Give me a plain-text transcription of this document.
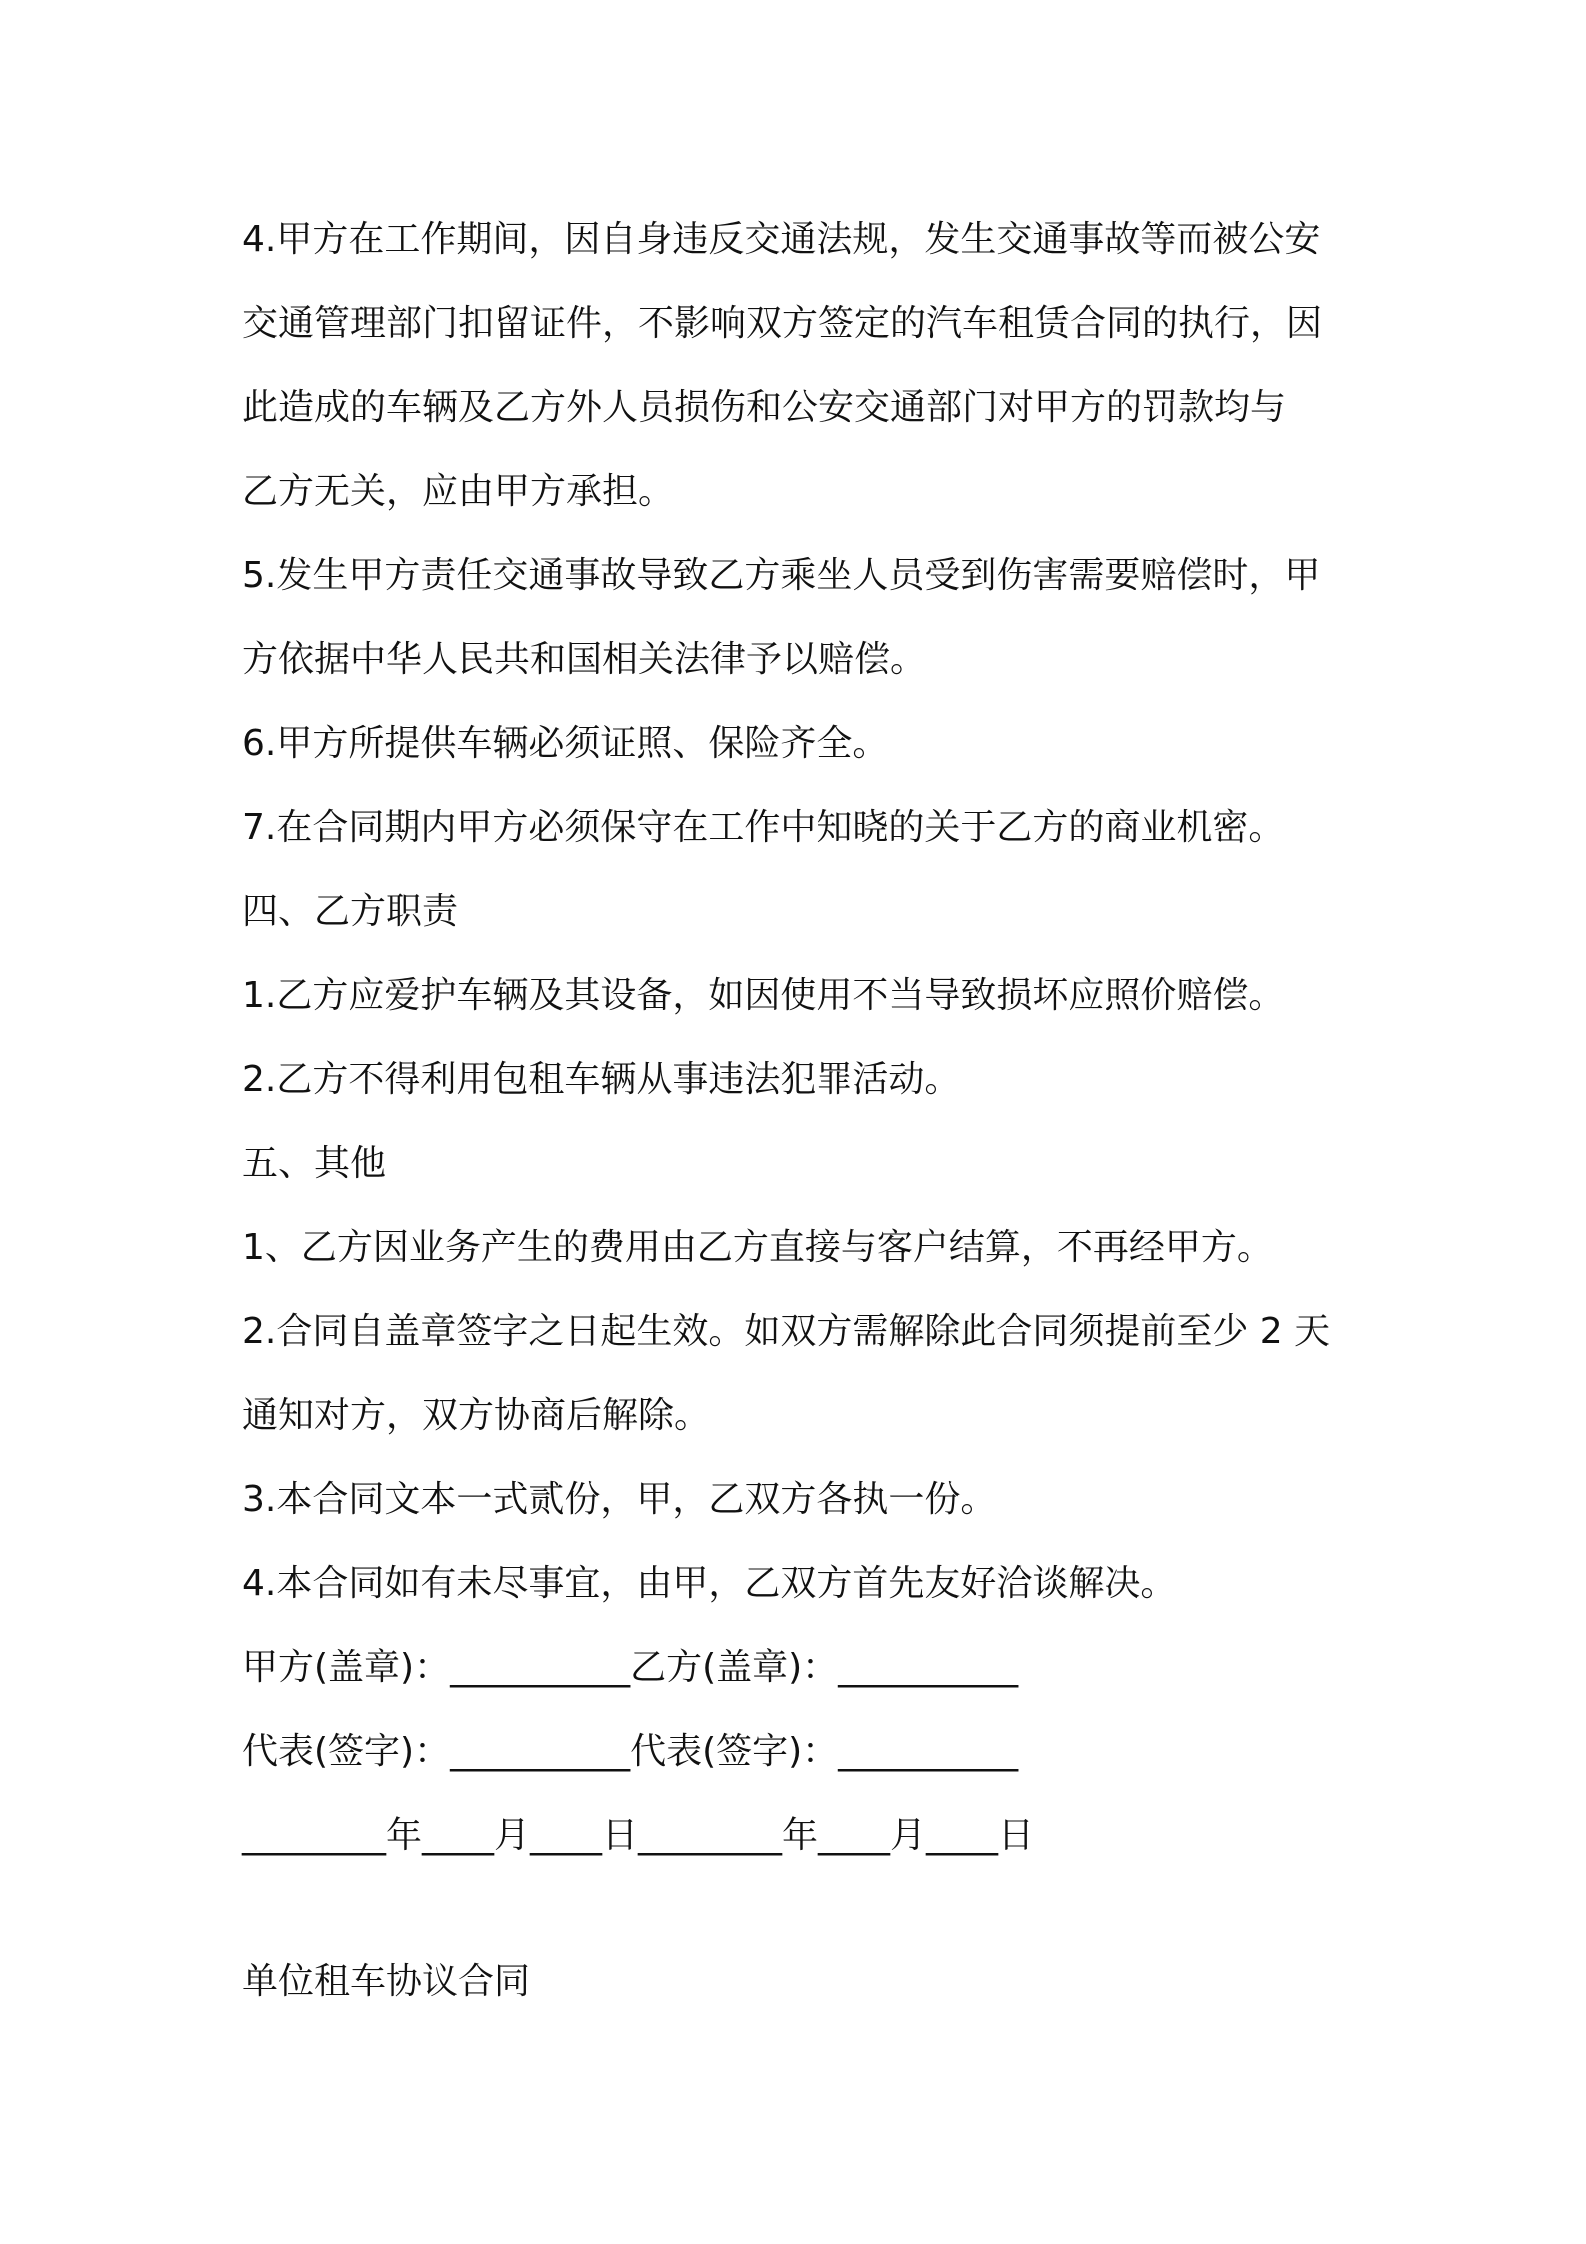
4.甲方在工作期间，因自身违反交通法规，发生交通事故等而被公安

交通管理部门扣留证件，不影响双方签定的汽车租赁合同的执行，因

此造成的车辆及乙方外人员损伤和公安交通部门对甲方的罚款均与

乙方无关，应由甲方承担。

5.发生甲方责任交通事故导致乙方乘坐人员受到伤害需要赔偿时，甲

方依据中华人民共和国相关法律予以赔偿。

6.甲方所提供车辆必须证照、保险齐全。

7.在合同期内甲方必须保守在工作中知晓的关于乙方的商业机密。

四、乙方职责

1.乙方应爱护车辆及其设备，如因使用不当导致损坏应照价赔偿。

2.乙方不得利用包租车辆从事违法犯罪活动。

五、其他

1、乙方因业务产生的费用由乙方直接与客户结算，不再经甲方。

2.合同自盖章签字之日起生效。如双方需解除此合同须提前至少 2 天

通知对方，双方协商后解除。

3.本合同文本一式贰份，甲，乙双方各执一份。

4.本合同如有未尽事宜，由甲，乙双方首先友好洽谈解决。

甲方(盖章)：__________乙方(盖章)：__________

代表(签字)：__________代表(签字)：__________

________年____月____日________年____月____日

单位租车协议合同
